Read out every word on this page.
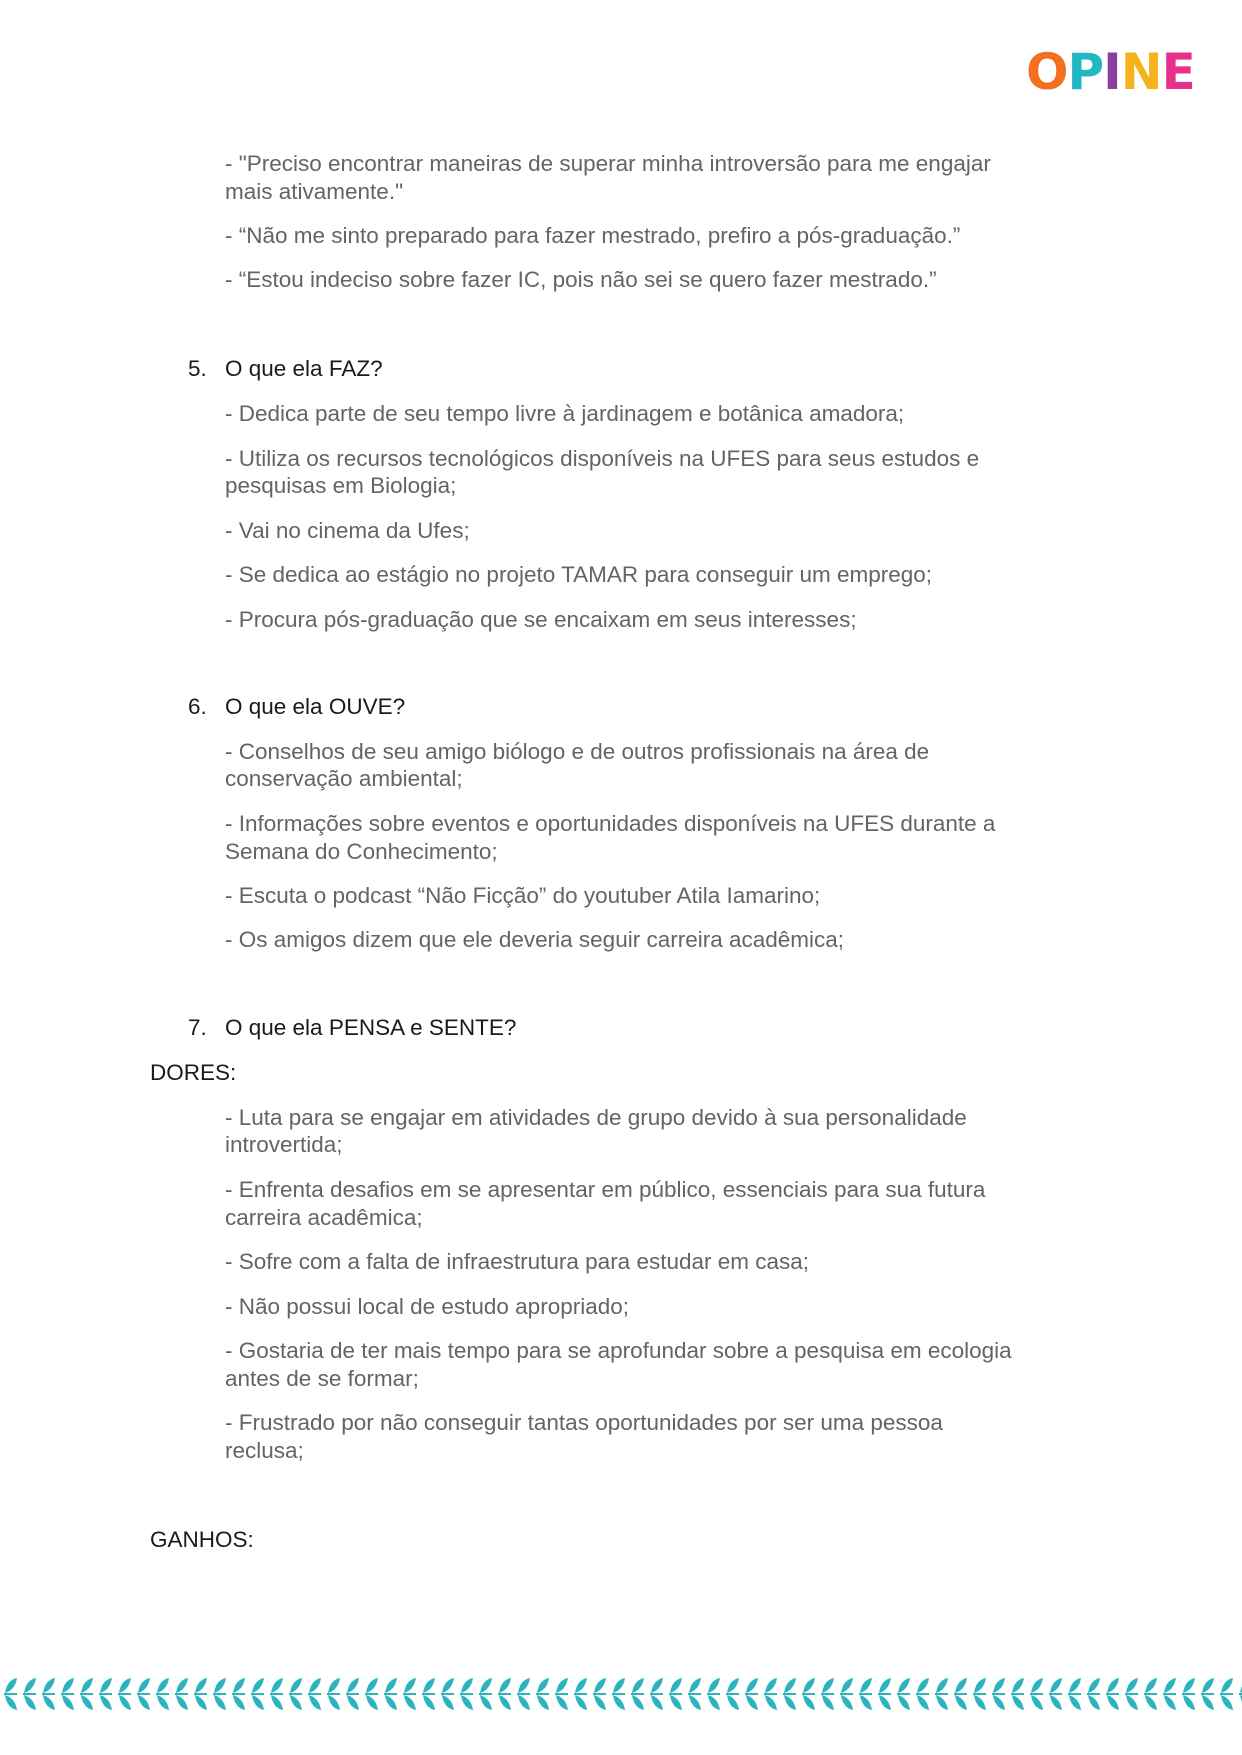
O P I N E
- "Preciso encontrar maneiras de superar minha introversão para me engajar
mais ativamente."
- “Não me sinto preparado para fazer mestrado, prefiro a pós-graduação.”
- “Estou indeciso sobre fazer IC, pois não sei se quero fazer mestrado.”
5. O que ela FAZ?
- Dedica parte de seu tempo livre à jardinagem e botânica amadora;
- Utiliza os recursos tecnológicos disponíveis na UFES para seus estudos e
pesquisas em Biologia;
- Vai no cinema da Ufes;
- Se dedica ao estágio no projeto TAMAR para conseguir um emprego;
- Procura pós-graduação que se encaixam em seus interesses;
6. O que ela OUVE?
- Conselhos de seu amigo biólogo e de outros profissionais na área de
conservação ambiental;
- Informações sobre eventos e oportunidades disponíveis na UFES durante a
Semana do Conhecimento;
- Escuta o podcast “Não Ficção” do youtuber Atila Iamarino;
- Os amigos dizem que ele deveria seguir carreira acadêmica;
7. O que ela PENSA e SENTE?
DORES:
- Luta para se engajar em atividades de grupo devido à sua personalidade
introvertida;
- Enfrenta desafios em se apresentar em público, essenciais para sua futura
carreira acadêmica;
- Sofre com a falta de infraestrutura para estudar em casa;
- Não possui local de estudo apropriado;
- Gostaria de ter mais tempo para se aprofundar sobre a pesquisa em ecologia
antes de se formar;
- Frustrado por não conseguir tantas oportunidades por ser uma pessoa
reclusa;
GANHOS:
